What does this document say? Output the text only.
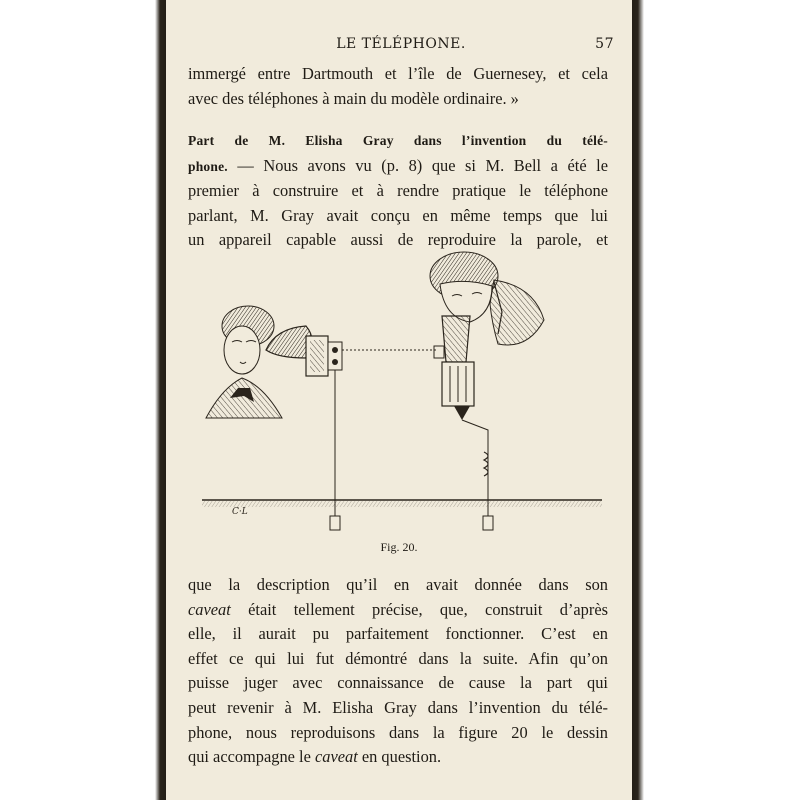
LE TÉLÉPHONE.	57
immergé entre Dartmouth et l’île de Guernesey, et cela
avec des téléphones à main du modèle ordinaire. »
Part de M. Elisha Gray dans l’invention du télé-
phone. — Nous avons vu (p. 8) que si M. Bell a été le
premier à construire et à rendre pratique le téléphone
parlant, M. Gray avait conçu en même temps que lui
un appareil capable aussi de reproduire la parole, et
C·L
Fig. 20.
que la description qu’il en avait donnée dans son
caveat était tellement précise, que, construit d’après
elle, il aurait pu parfaitement fonctionner. C’est en
effet ce qui lui fut démontré dans la suite. Afin qu’on
puisse juger avec connaissance de cause la part qui
peut revenir à M. Elisha Gray dans l’invention du télé-
phone, nous reproduisons dans la figure 20 le dessin
qui accompagne le caveat en question.
